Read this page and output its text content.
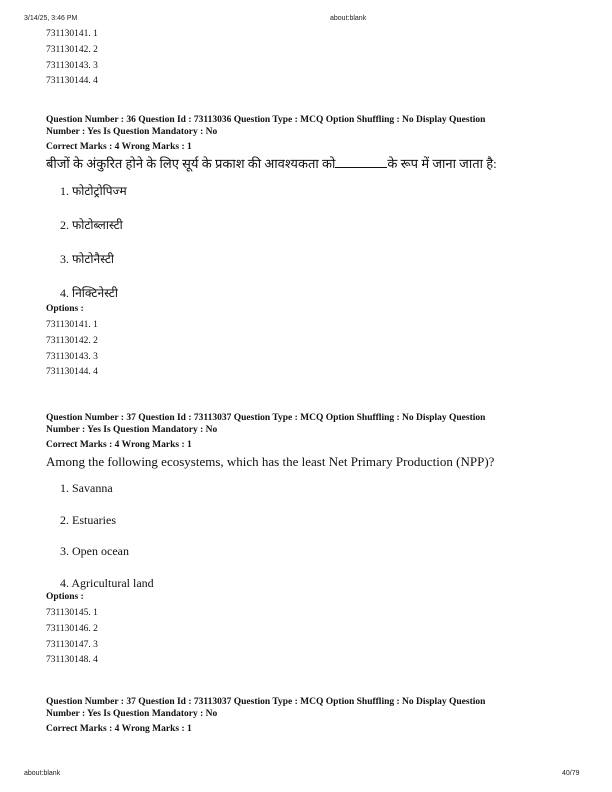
3/14/25, 3:46 PM	about:blank
731130141. 1
731130142. 2
731130143. 3
731130144. 4
Question Number : 36 Question Id : 73113036 Question Type : MCQ Option Shuffling : No Display Question
Number : Yes Is Question Mandatory : No
Correct Marks : 4 Wrong Marks : 1
बीजों के अंकुरित होने के लिए सूर्य के प्रकाश की आवश्यकता को	के रूप में जाना जाता है:
1. फोटोट्रोपिज्म
2. फोटोब्लास्टी
3. फोटोनैस्टी
4. निक्टिनेस्टी
Options :
731130141. 1
731130142. 2
731130143. 3
731130144. 4
Question Number : 37 Question Id : 73113037 Question Type : MCQ Option Shuffling : No Display Question
Number : Yes Is Question Mandatory : No
Correct Marks : 4 Wrong Marks : 1
Among the following ecosystems, which has the least Net Primary Production (NPP)?
1. Savanna
2. Estuaries
3. Open ocean
4. Agricultural land
Options :
731130145. 1
731130146. 2
731130147. 3
731130148. 4
Question Number : 37 Question Id : 73113037 Question Type : MCQ Option Shuffling : No Display Question
Number : Yes Is Question Mandatory : No
Correct Marks : 4 Wrong Marks : 1
about:blank	40/79
